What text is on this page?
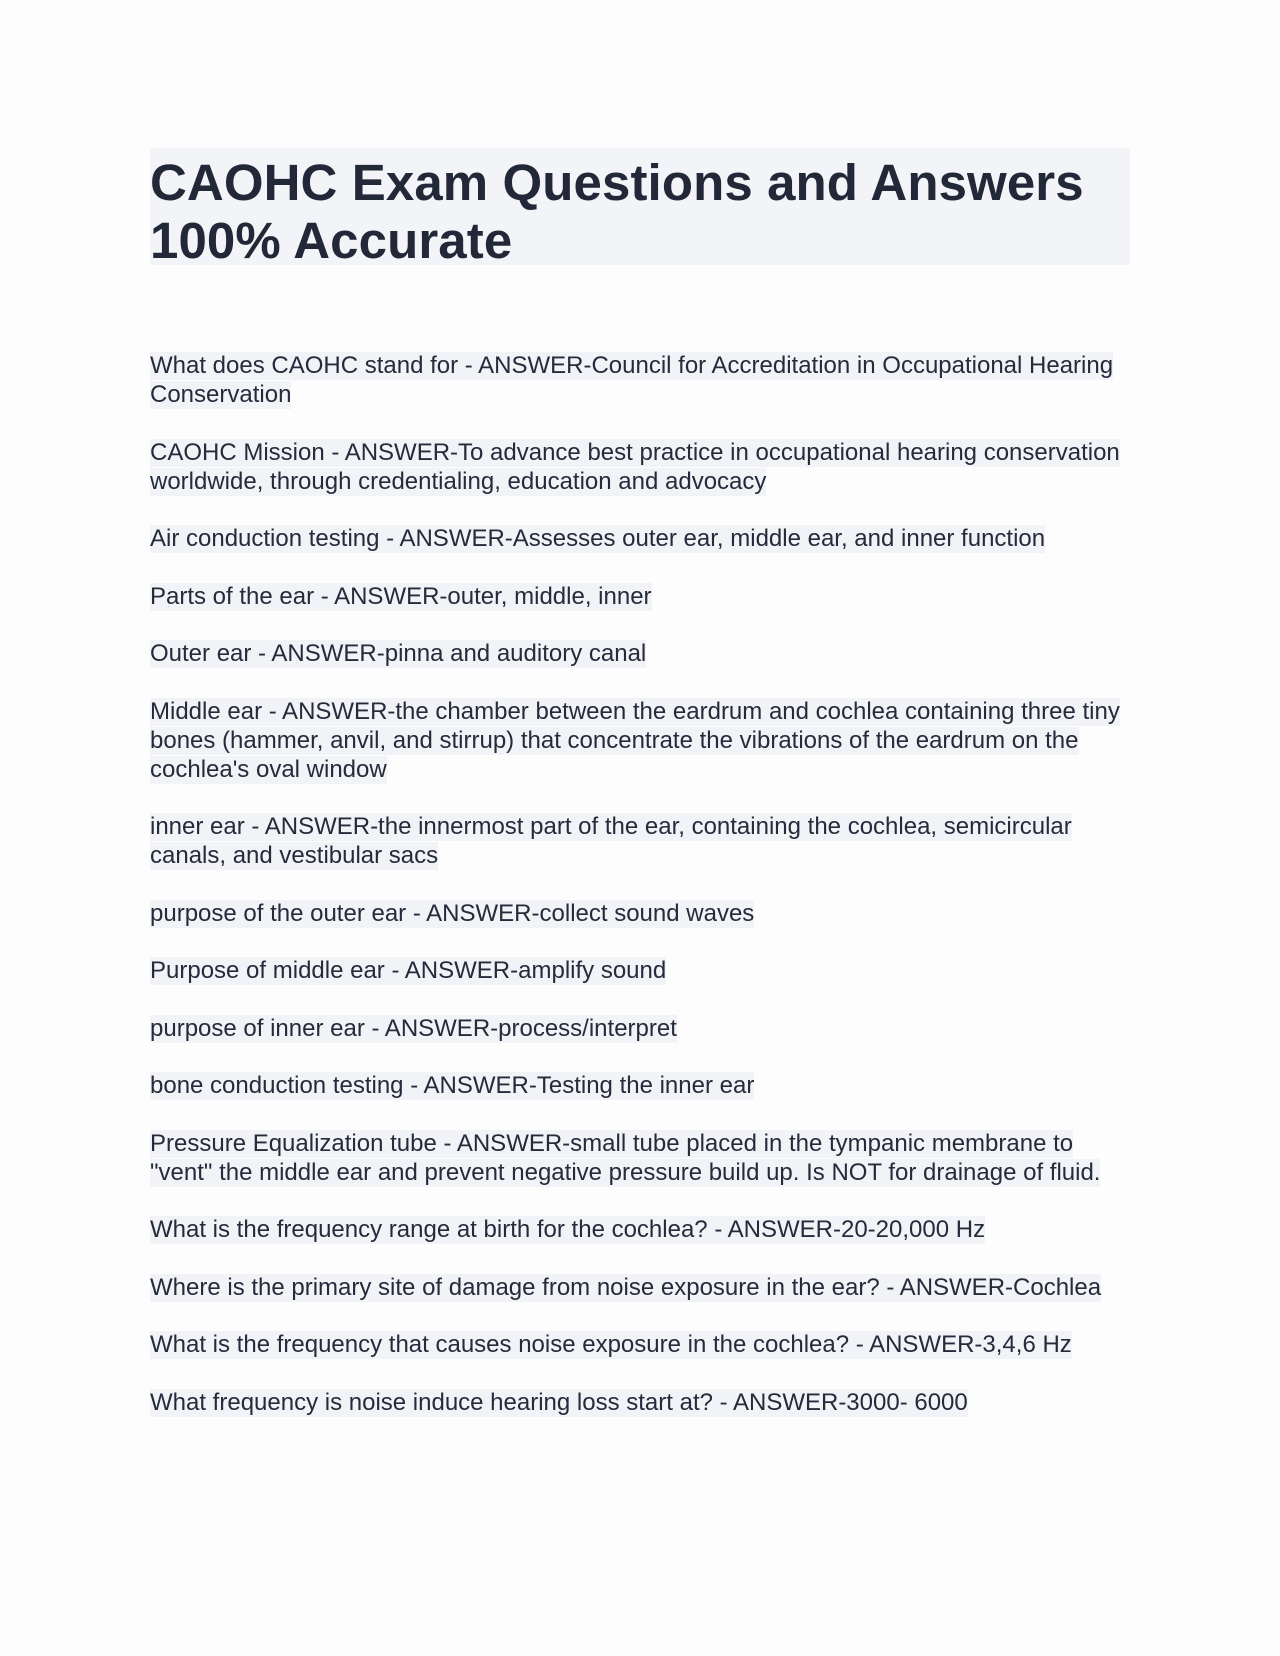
CAOHC Exam Questions and Answers 100% Accurate

What does CAOHC stand for - ANSWER-Council for Accreditation in Occupational Hearing Conservation

CAOHC Mission - ANSWER-To advance best practice in occupational hearing conservation worldwide, through credentialing, education and advocacy

Air conduction testing - ANSWER-Assesses outer ear, middle ear, and inner function

Parts of the ear - ANSWER-outer, middle, inner

Outer ear - ANSWER-pinna and auditory canal

Middle ear - ANSWER-the chamber between the eardrum and cochlea containing three tiny bones (hammer, anvil, and stirrup) that concentrate the vibrations of the eardrum on the cochlea's oval window

inner ear - ANSWER-the innermost part of the ear, containing the cochlea, semicircular canals, and vestibular sacs

purpose of the outer ear - ANSWER-collect sound waves

Purpose of middle ear - ANSWER-amplify sound

purpose of inner ear - ANSWER-process/interpret

bone conduction testing - ANSWER-Testing the inner ear

Pressure Equalization tube - ANSWER-small tube placed in the tympanic membrane to "vent" the middle ear and prevent negative pressure build up. Is NOT for drainage of fluid.

What is the frequency range at birth for the cochlea? - ANSWER-20-20,000 Hz

Where is the primary site of damage from noise exposure in the ear? - ANSWER-Cochlea

What is the frequency that causes noise exposure in the cochlea? - ANSWER-3,4,6 Hz

What frequency is noise induce hearing loss start at? - ANSWER-3000- 6000
